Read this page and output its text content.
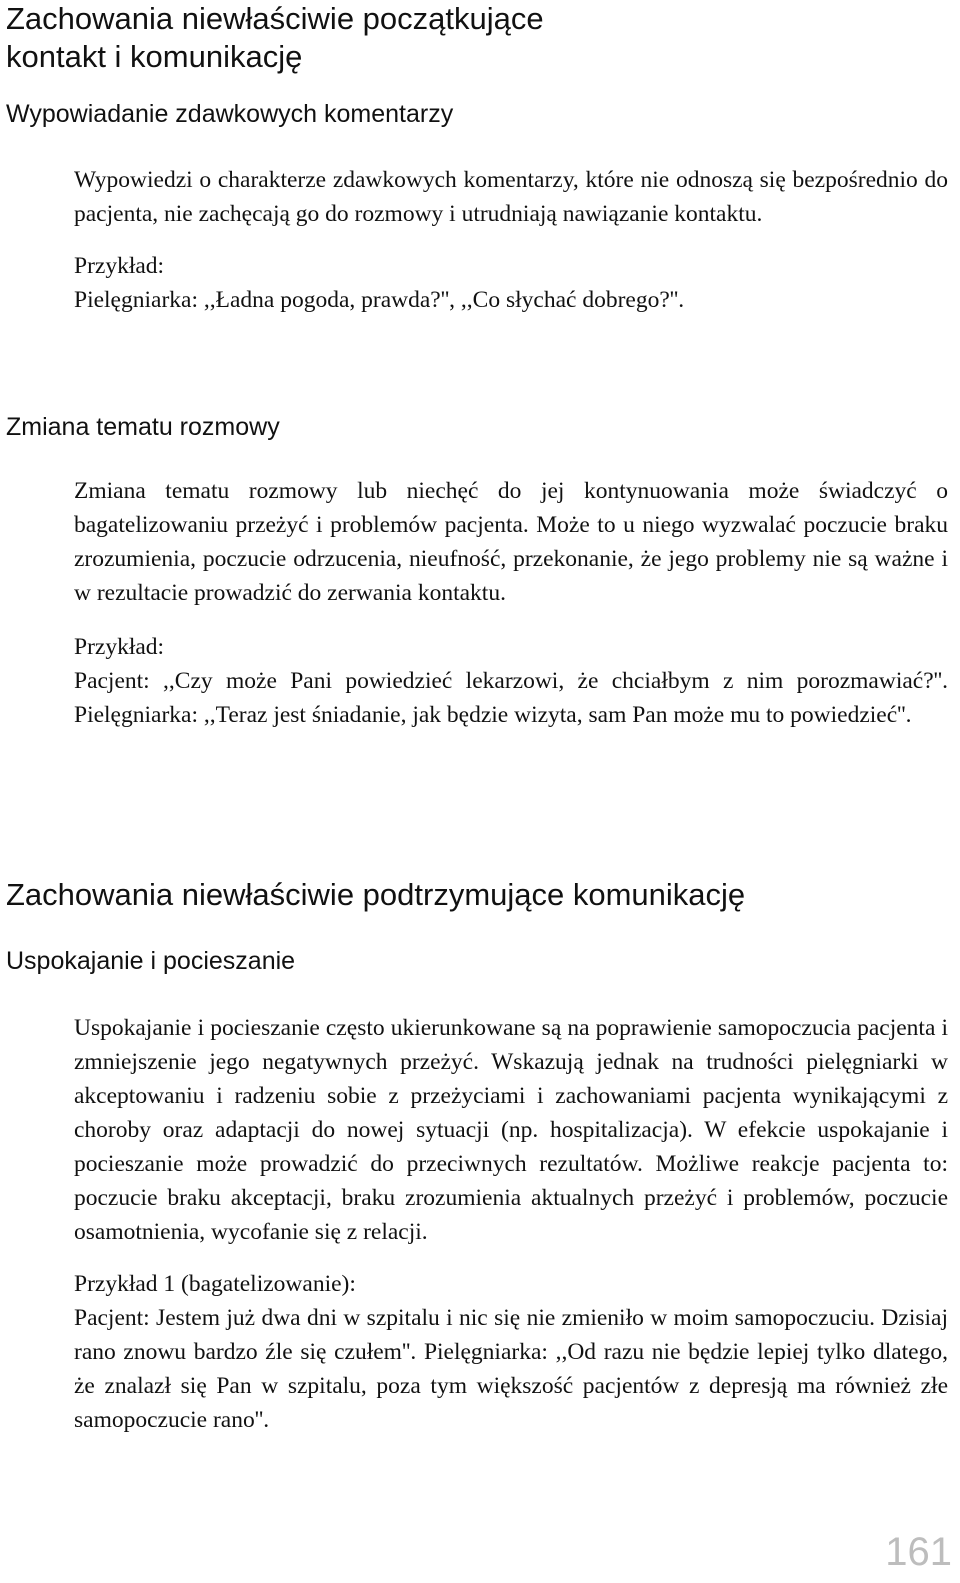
Zachowania niewłaściwie początkujące
kontakt i komunikację
Wypowiadanie zdawkowych komentarzy

Wypowiedzi o charakterze zdawkowych komentarzy, które nie odnoszą się bezpośrednio do pacjenta, nie zachęcają go do rozmowy i utrudniają nawiązanie kontaktu.

Przykład:

Pielęgniarka: ,,Ładna pogoda, prawda?'', ,,Co słychać dobrego?''.

Zmiana tematu rozmowy

Zmiana tematu rozmowy lub niechęć do jej kontynuowania może świadczyć o bagatelizowaniu przeżyć i problemów pacjenta. Może to u niego wyzwalać poczucie braku zrozumienia, poczucie odrzucenia, nieufność, przekonanie, że jego problemy nie są ważne i w rezultacie prowadzić do zerwania kontaktu.

Przykład:

Pacjent: ,,Czy może Pani powiedzieć lekarzowi, że chciałbym z nim porozmawiać?''. Pielęgniarka: ,,Teraz jest śniadanie, jak będzie wizyta, sam Pan może mu to powiedzieć''.

Zachowania niewłaściwie podtrzymujące komunikację
Uspokajanie i pocieszanie

Uspokajanie i pocieszanie często ukierunkowane są na poprawienie samopoczucia pacjenta i zmniejszenie jego negatywnych przeżyć. Wskazują jednak na trudności pielęgniarki w akceptowaniu i radzeniu sobie z przeżyciami i zachowaniami pacjenta wynikającymi z choroby oraz adaptacji do nowej sytuacji (np. hospitalizacja). W efekcie uspokajanie i pocieszanie może prowadzić do przeciwnych rezultatów. Możliwe reakcje pacjenta to: poczucie braku akceptacji, braku zrozumienia aktualnych przeżyć i problemów, poczucie osamotnienia, wycofanie się z relacji.

Przykład 1 (bagatelizowanie):

Pacjent: Jestem już dwa dni w szpitalu i nic się nie zmieniło w moim samopoczuciu. Dzisiaj rano znowu bardzo źle się czułem''. Pielęgniarka: ,,Od razu nie będzie lepiej tylko dlatego, że znalazł się Pan w szpitalu, poza tym większość pacjentów z depresją ma również złe samopoczucie rano''.

161
